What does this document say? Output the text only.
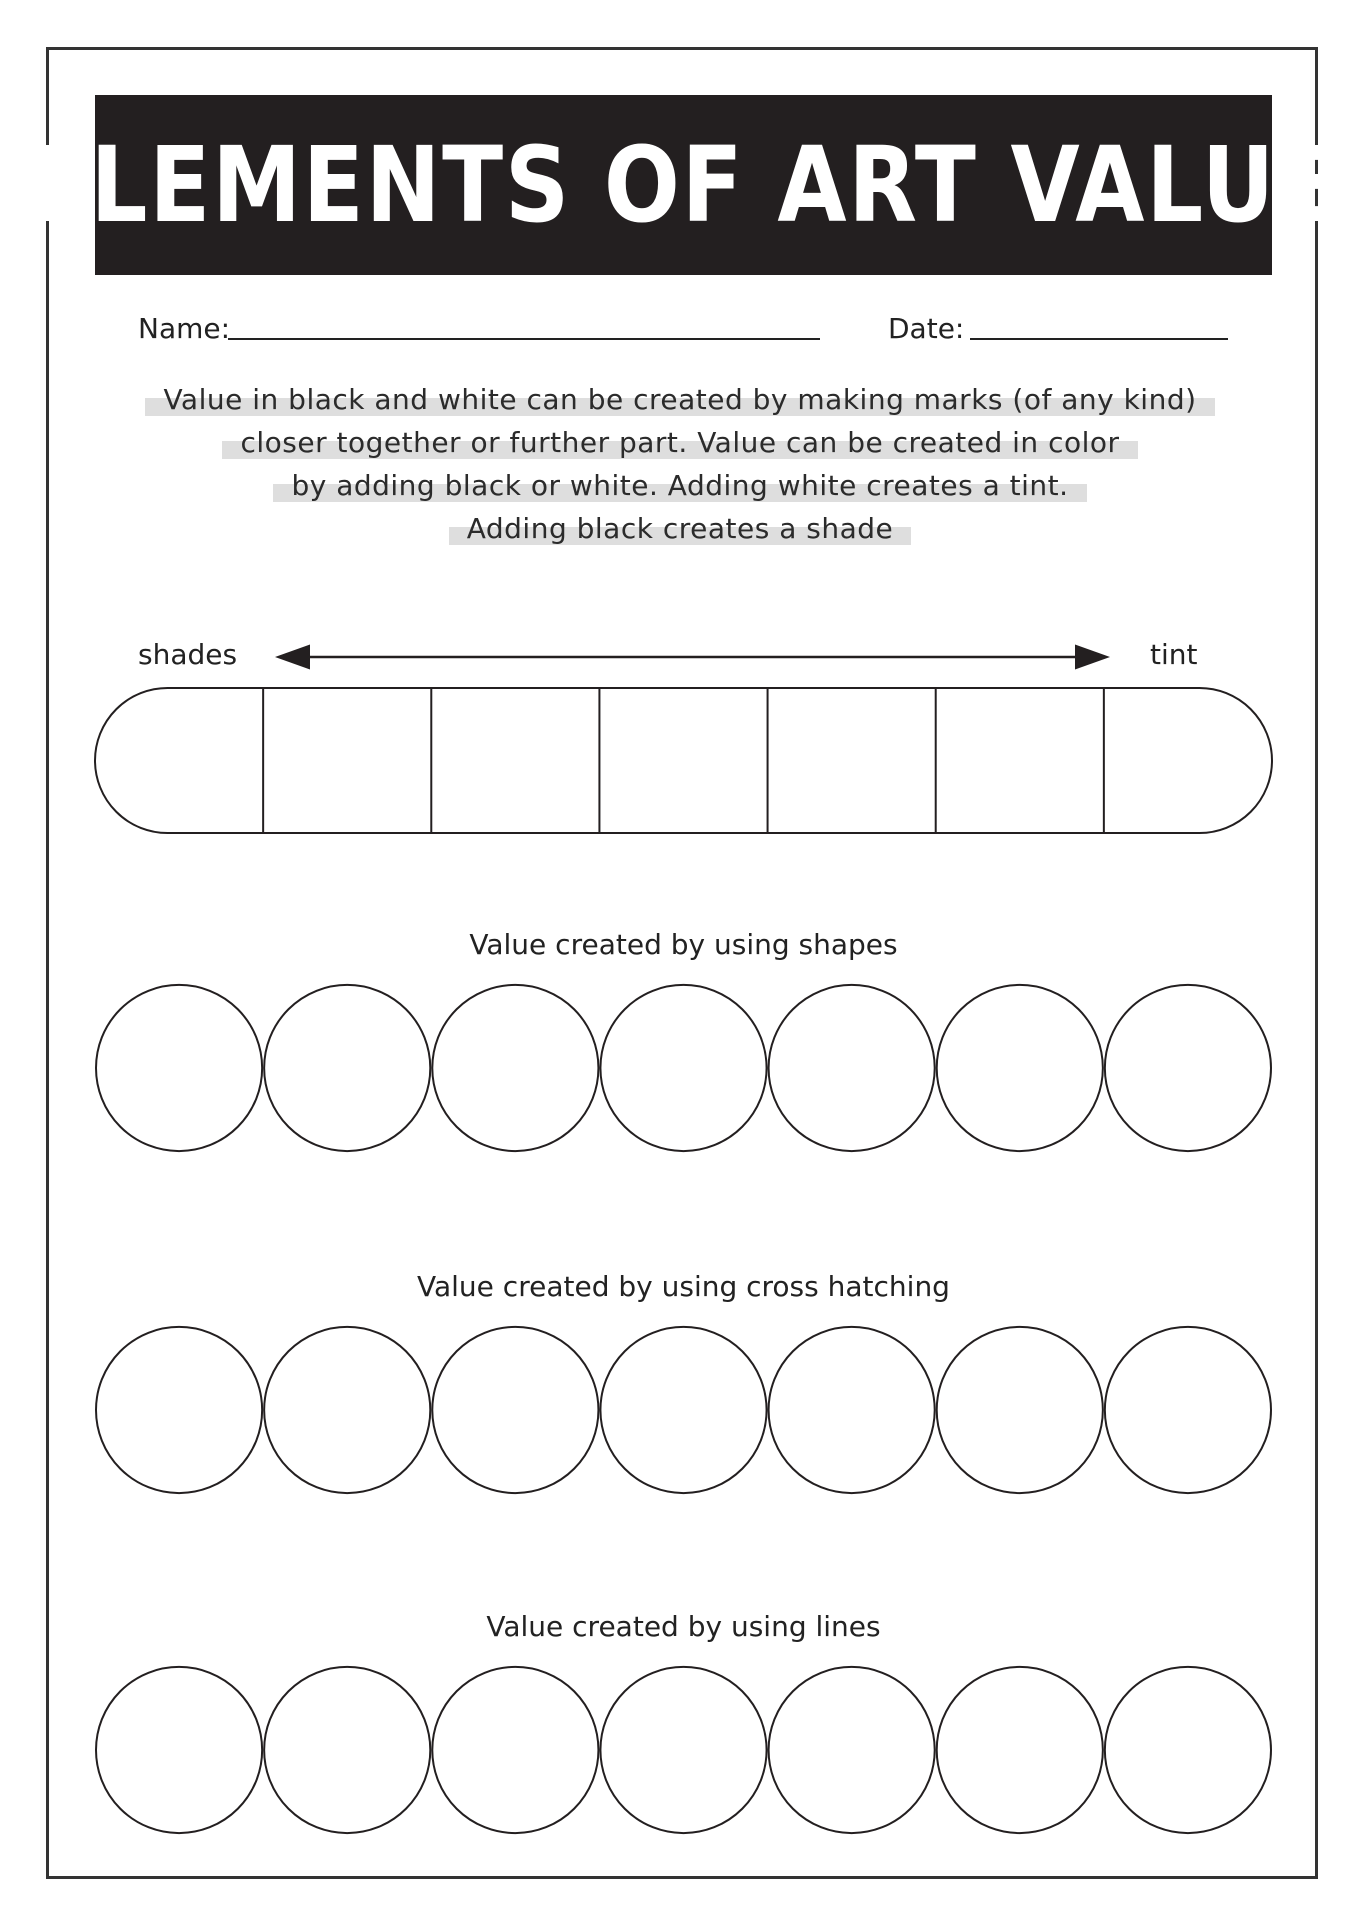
ELEMENTS OF ART VALUE
Name:	Date:
Value in black and white can be created by making marks (of any kind)
closer together or further part. Value can be created in color
by adding black or white. Adding white creates a tint.
Adding black creates a shade
shades	tint
Value created by using shapes
Value created by using cross hatching
Value created by using lines
